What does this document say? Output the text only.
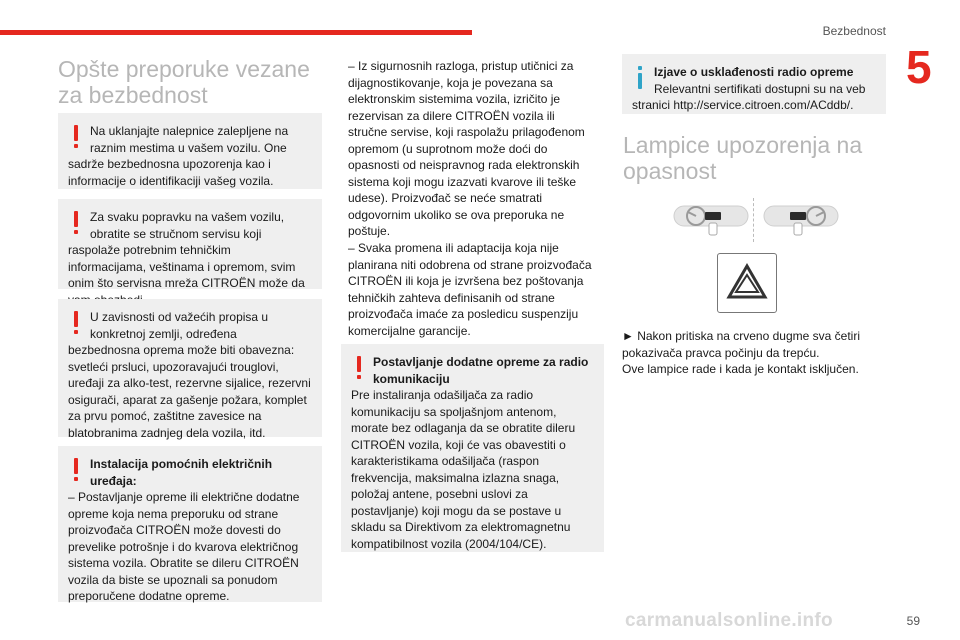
Bezbednost
5
Opšte preporuke vezane za bezbednost

Na uklanjajte nalepnice zalepljene na

raznim mestima u vašem vozilu. One sadrže bezbednosna upozorenja kao i informacije o identifikaciji vašeg vozila.

Za svaku popravku na vašem vozilu,

obratite se stručnom servisu koji raspolaže potrebnim tehničkim informacijama, veštinama i opremom, svim onim što servisna mreža CITROËN može da

U zavisnosti od važećih propisa u

konkretnoj zemlji, određena bezbednosna oprema može biti obavezna: svetleći prsluci, upozoravajući trouglovi, uređaji za alko-test, rezervne sijalice, rezervni osigurači, aparat za gašenje požara, komplet za prvu pomoć, zaštitne zavesice na blatobranima zadnjeg dela vozila, itd.

Instalacija pomoćnih električnih uređaja:

– Postavljanje opreme ili električne dodatne opreme koja nema preporuku od strane proizvođača CITROËN može dovesti do prevelike potrošnje i do kvarova električnog sistema vozila. Obratite se dileru CITROËN vozila da biste se upoznali sa ponudom preporučene dodatne opreme.

– Iz sigurnosnih razloga, pristup utičnici za dijagnostikovanje, koja je povezana sa elektronskim sistemima vozila, izričito je rezervisan za dilere CITROËN vozila ili stručne servise, koji raspolažu prilagođenom opremom (u suprotnom može doći do opasnosti od neispravnog rada elektronskih sistema koji mogu izazvati kvarove ili teške udese). Proizvođač se neće smatrati odgovornim ukoliko se ova preporuka ne poštuje.

– Svaka promena ili adaptacija koja nije planirana niti odobrena od strane proizvođača CITROËN ili koja je izvršena bez poštovanja tehničkih zahteva definisanih od strane proizvođača imaće za posledicu suspenziju komercijalne garancije.

Postavljanje dodatne opreme za radio komunikaciju

Pre instaliranja odašiljača za radio komunikaciju sa spoljašnjom antenom, morate bez odlaganja da se obratite dileru CITROËN vozila, koji će vas obavestiti o karakteristikama odašiljača (raspon frekvencija, maksimalna izlazna snaga, položaj antene, posebni uslovi za postavljanje) koji mogu da se postave u skladu sa Direktivom za elektromagnetnu kompatibilnost vozila (2004/104/CE).

Izjave o usklađenosti radio opreme

Relevantni sertifikati dostupni su na veb

stranici http://service.citroen.com/ACddb/.

Lampice upozorenja na opasnost

► Nakon pritiska na crveno dugme sva četiri pokazivača pravca počinju da trepću.

Ove lampice rade i kada je kontakt isključen.

carmanualsonline.info	59
